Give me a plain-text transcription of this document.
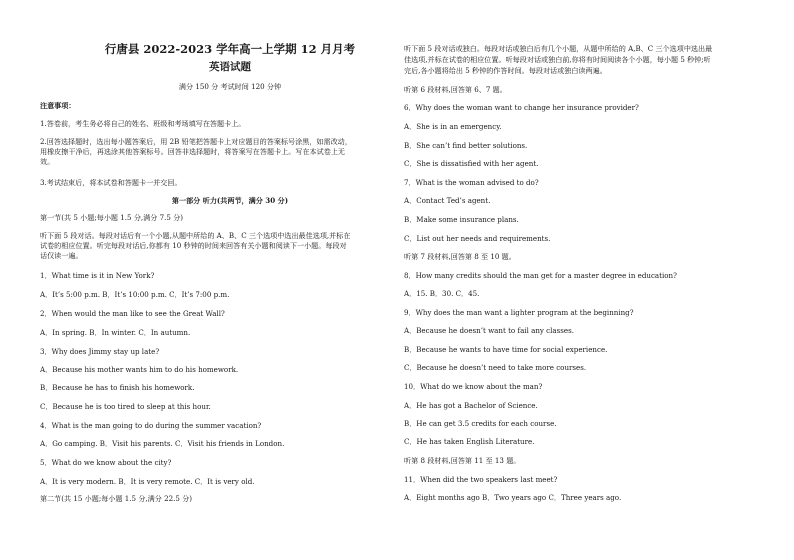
行唐县 2022-2023 学年高一上学期 12 月月考
英语试题
满分 150 分 考试时间 120 分钟
注意事项：
1.答卷前，考生务必将自己的姓名、班级和考场填写在答题卡上。
2.回答选择题时，选出每小题答案后，用 2B 铅笔把答题卡上对应题目的答案标号涂黑，如需改动，
用橡皮擦干净后，再选涂其他答案标号。回答非选择题时，将答案写在答题卡上。写在本试卷上无
效。
3.考试结束后，将本试卷和答题卡一并交回。
第一部分 听力(共两节，满分 30 分)
第一节(共 5 小题;每小题 1.5 分,满分 7.5 分)
听下面 5 段对话。每段对话后有一个小题,从题中所给的 A、B、C 三个选项中选出最佳选项,并标在
试卷的相应位置。听完每段对话后,你都有 10 秒钟的时间来回答有关小题和阅读下一小题。每段对
话仅读一遍。
1．What time is it in New York?
A．It’s 5:00 p.m. B．It’s 10:00 p.m. C．It’s 7:00 p.m.
2．When would the man like to see the Great Wall?
A．In spring. B．In winter. C．In autumn.
3．Why does Jimmy stay up late?
A．Because his mother wants him to do his homework.
B．Because he has to finish his homework.
C．Because he is too tired to sleep at this hour.
4．What is the man going to do during the summer vacation?
A．Go camping. B．Visit his parents. C．Visit his friends in London.
5．What do we know about the city?
A．It is very modern. B．It is very remote. C．It is very old.
第二节(共 15 小题;每小题 1.5 分,满分 22.5 分)
听下面 5 段对话或独白。每段对话或独白后有几个小题，从题中所给的 A,B、C 三个选项中选出最
佳选项,并标在试卷的相应位置。听每段对话或独白前,你将有时间阅读各个小题，每小题 5 秒钟;听
完后,各小题将给出 5 秒钟的作答时间。每段对话或独白读两遍。
听第 6 段材料,回答第 6、7 题。
6．Why does the woman want to change her insurance provider?
A．She is in an emergency.
B．She can’t find better solutions.
C．She is dissatisfied with her agent.
7．What is the woman advised to do?
A．Contact Ted’s agent.
B．Make some insurance plans.
C．List out her needs and requirements.
听第 7 段材料,回答第 8 至 10 题。
8．How many credits should the man get for a master degree in education?
A．15. B．30. C．45.
9．Why does the man want a lighter program at the beginning?
A．Because he doesn’t want to fail any classes.
B．Because he wants to have time for social experience.
C．Because he doesn’t need to take more courses.
10．What do we know about the man?
A．He has got a Bachelor of Science.
B．He can get 3.5 credits for each course.
C．He has taken English Literature.
听第 8 段材料,回答第 11 至 13 题。
11．When did the two speakers last meet?
A．Eight months ago B．Two years ago C．Three years ago.
